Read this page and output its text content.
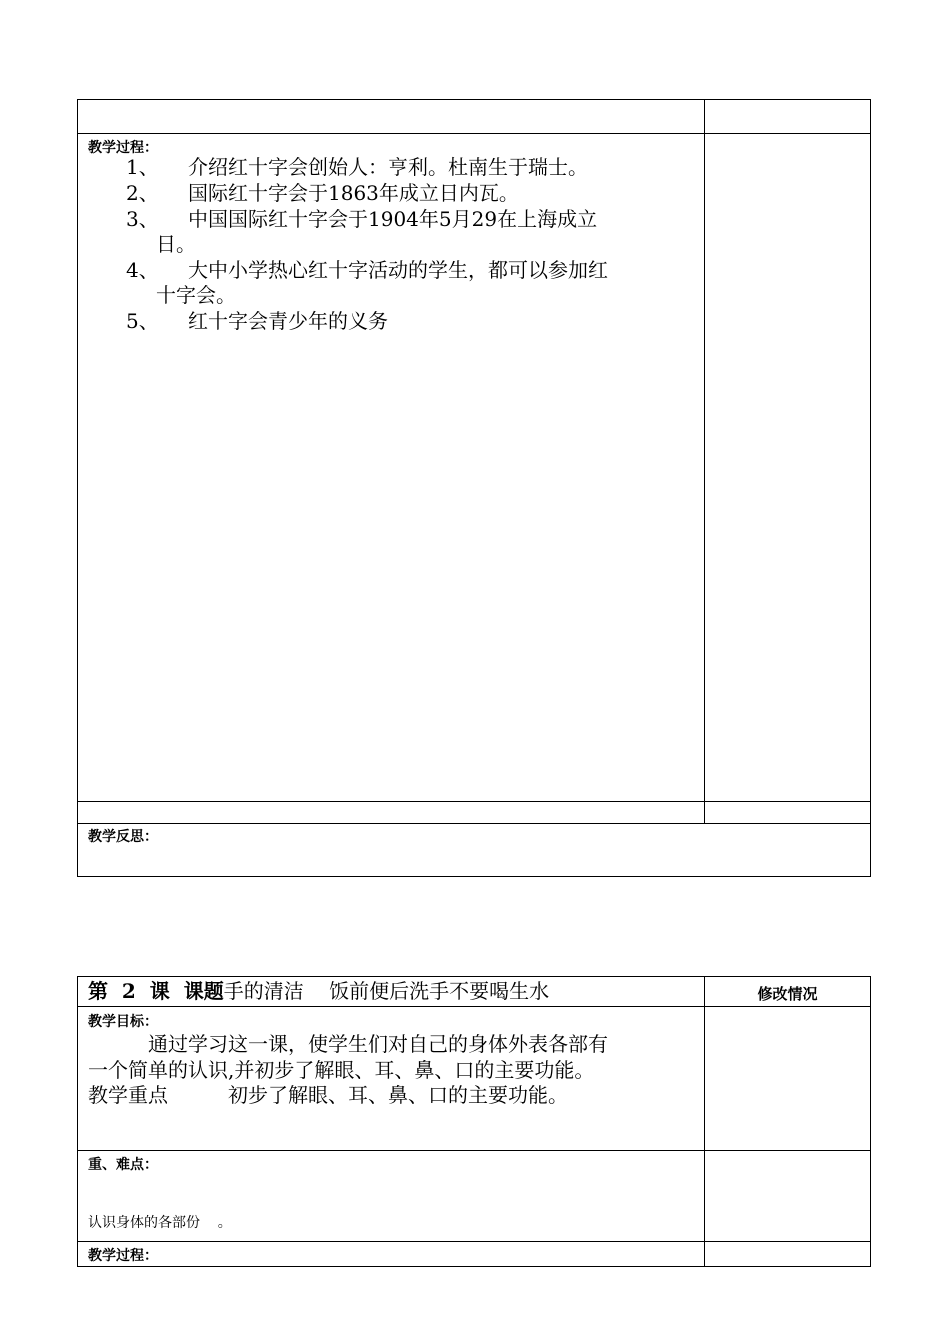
教学过程：
1、 介绍红十字会创始人：亨利。杜南生于瑞士。
2、 国际红十字会于1863年成立日内瓦。
3、 中国国际红十字会于1904年5月29在上海成立
日。
4、 大中小学热心红十字活动的学生，都可以参加红
十字会。
5、 红十字会青少年的义务
教学反思：
第  2  课  课题手的清洁    饭前便后洗手不要喝生水	修改情况
教学目标：
通过学习这一课，使学生们对自己的身体外表各部有
一个简单的认识,并初步了解眼、耳、鼻、口的主要功能。
教学重点	初步了解眼、耳、鼻、口的主要功能。
重、难点：
认识身体的各部份    。
教学过程：
